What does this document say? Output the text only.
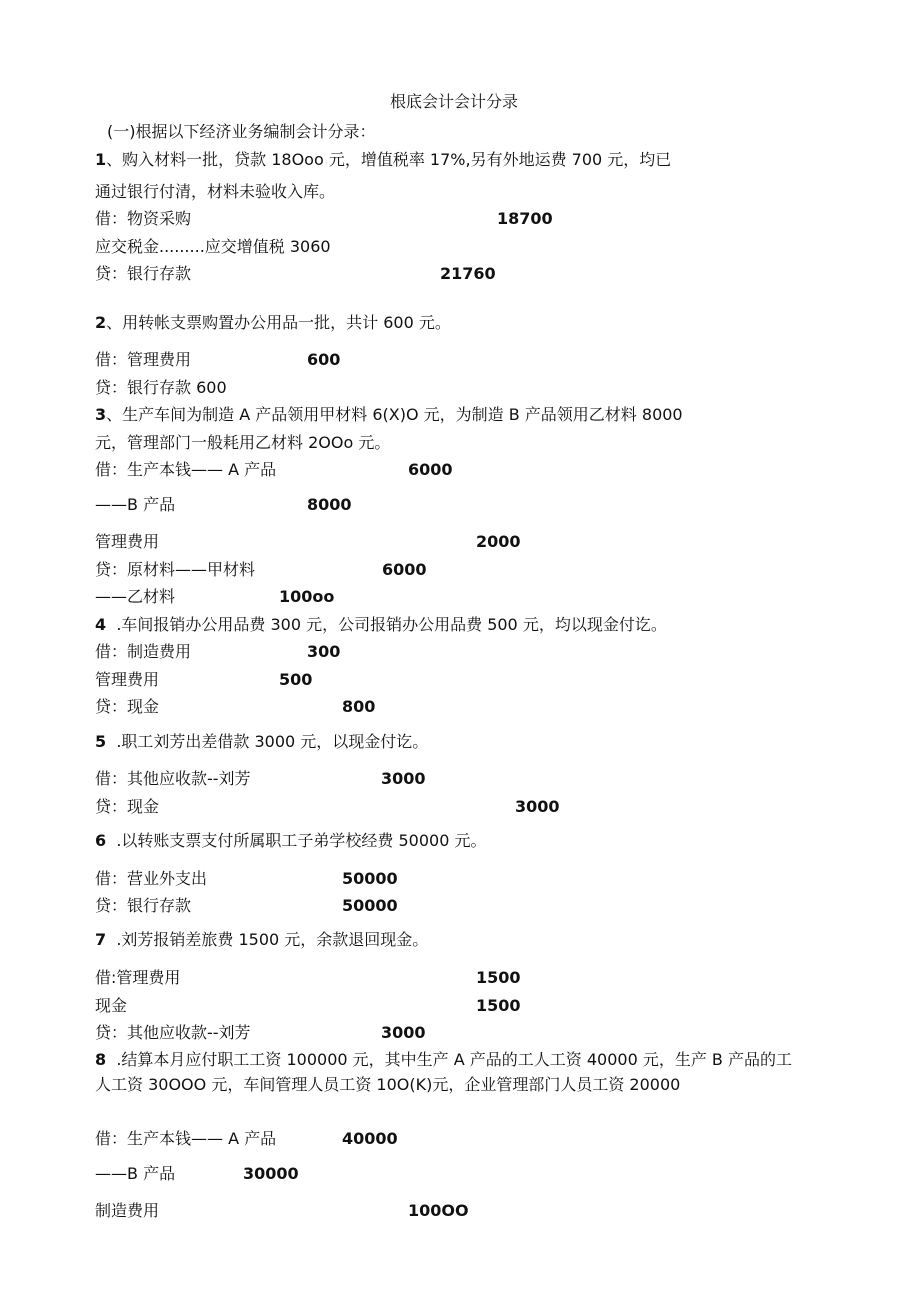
根底会计会计分录
(一)根据以下经济业务编制会计分录：
1、购入材料一批，贷款 18Ooo 元，增值税率 17%,另有外地运费 700 元，均已
通过银行付清，材料未验收入库。
借：物资采购	18700
应交税金.........应交增值税 3060
贷：银行存款	21760
2、用转帐支票购置办公用品一批，共计 600 元。
借：管理费用	600
贷：银行存款 600
3、生产车间为制造 A 产品领用甲材料 6(X)O 元，为制造 B 产品领用乙材料 8000
元，管理部门一般耗用乙材料 2OOo 元。
借：生产本钱—— A 产品	6000
——B 产品	8000
管理费用	2000
贷：原材料——甲材料	6000
——乙材料	100oo
4 .车间报销办公用品费 300 元，公司报销办公用品费 500 元，均以现金付讫。
借：制造费用	300
管理费用	500
贷：现金	800
5 .职工刘芳出差借款 3000 元，以现金付讫。
借：其他应收款--刘芳	3000
贷：现金	3000
6 .以转账支票支付所属职工子弟学校经费 50000 元。
借：营业外支出	50000
贷：银行存款	50000
7 .刘芳报销差旅费 1500 元，余款退回现金。
借:管理费用	1500
现金	1500
贷：其他应收款--刘芳	3000
8 .结算本月应付职工工资 100000 元，其中生产 A 产品的工人工资 40000 元，生产 B 产品的工
人工资 30OOO 元，车间管理人员工资 10O(K)元，企业管理部门人员工资 20000
借：生产本钱—— A 产品	40000
——B 产品	30000
制造费用	100OO
